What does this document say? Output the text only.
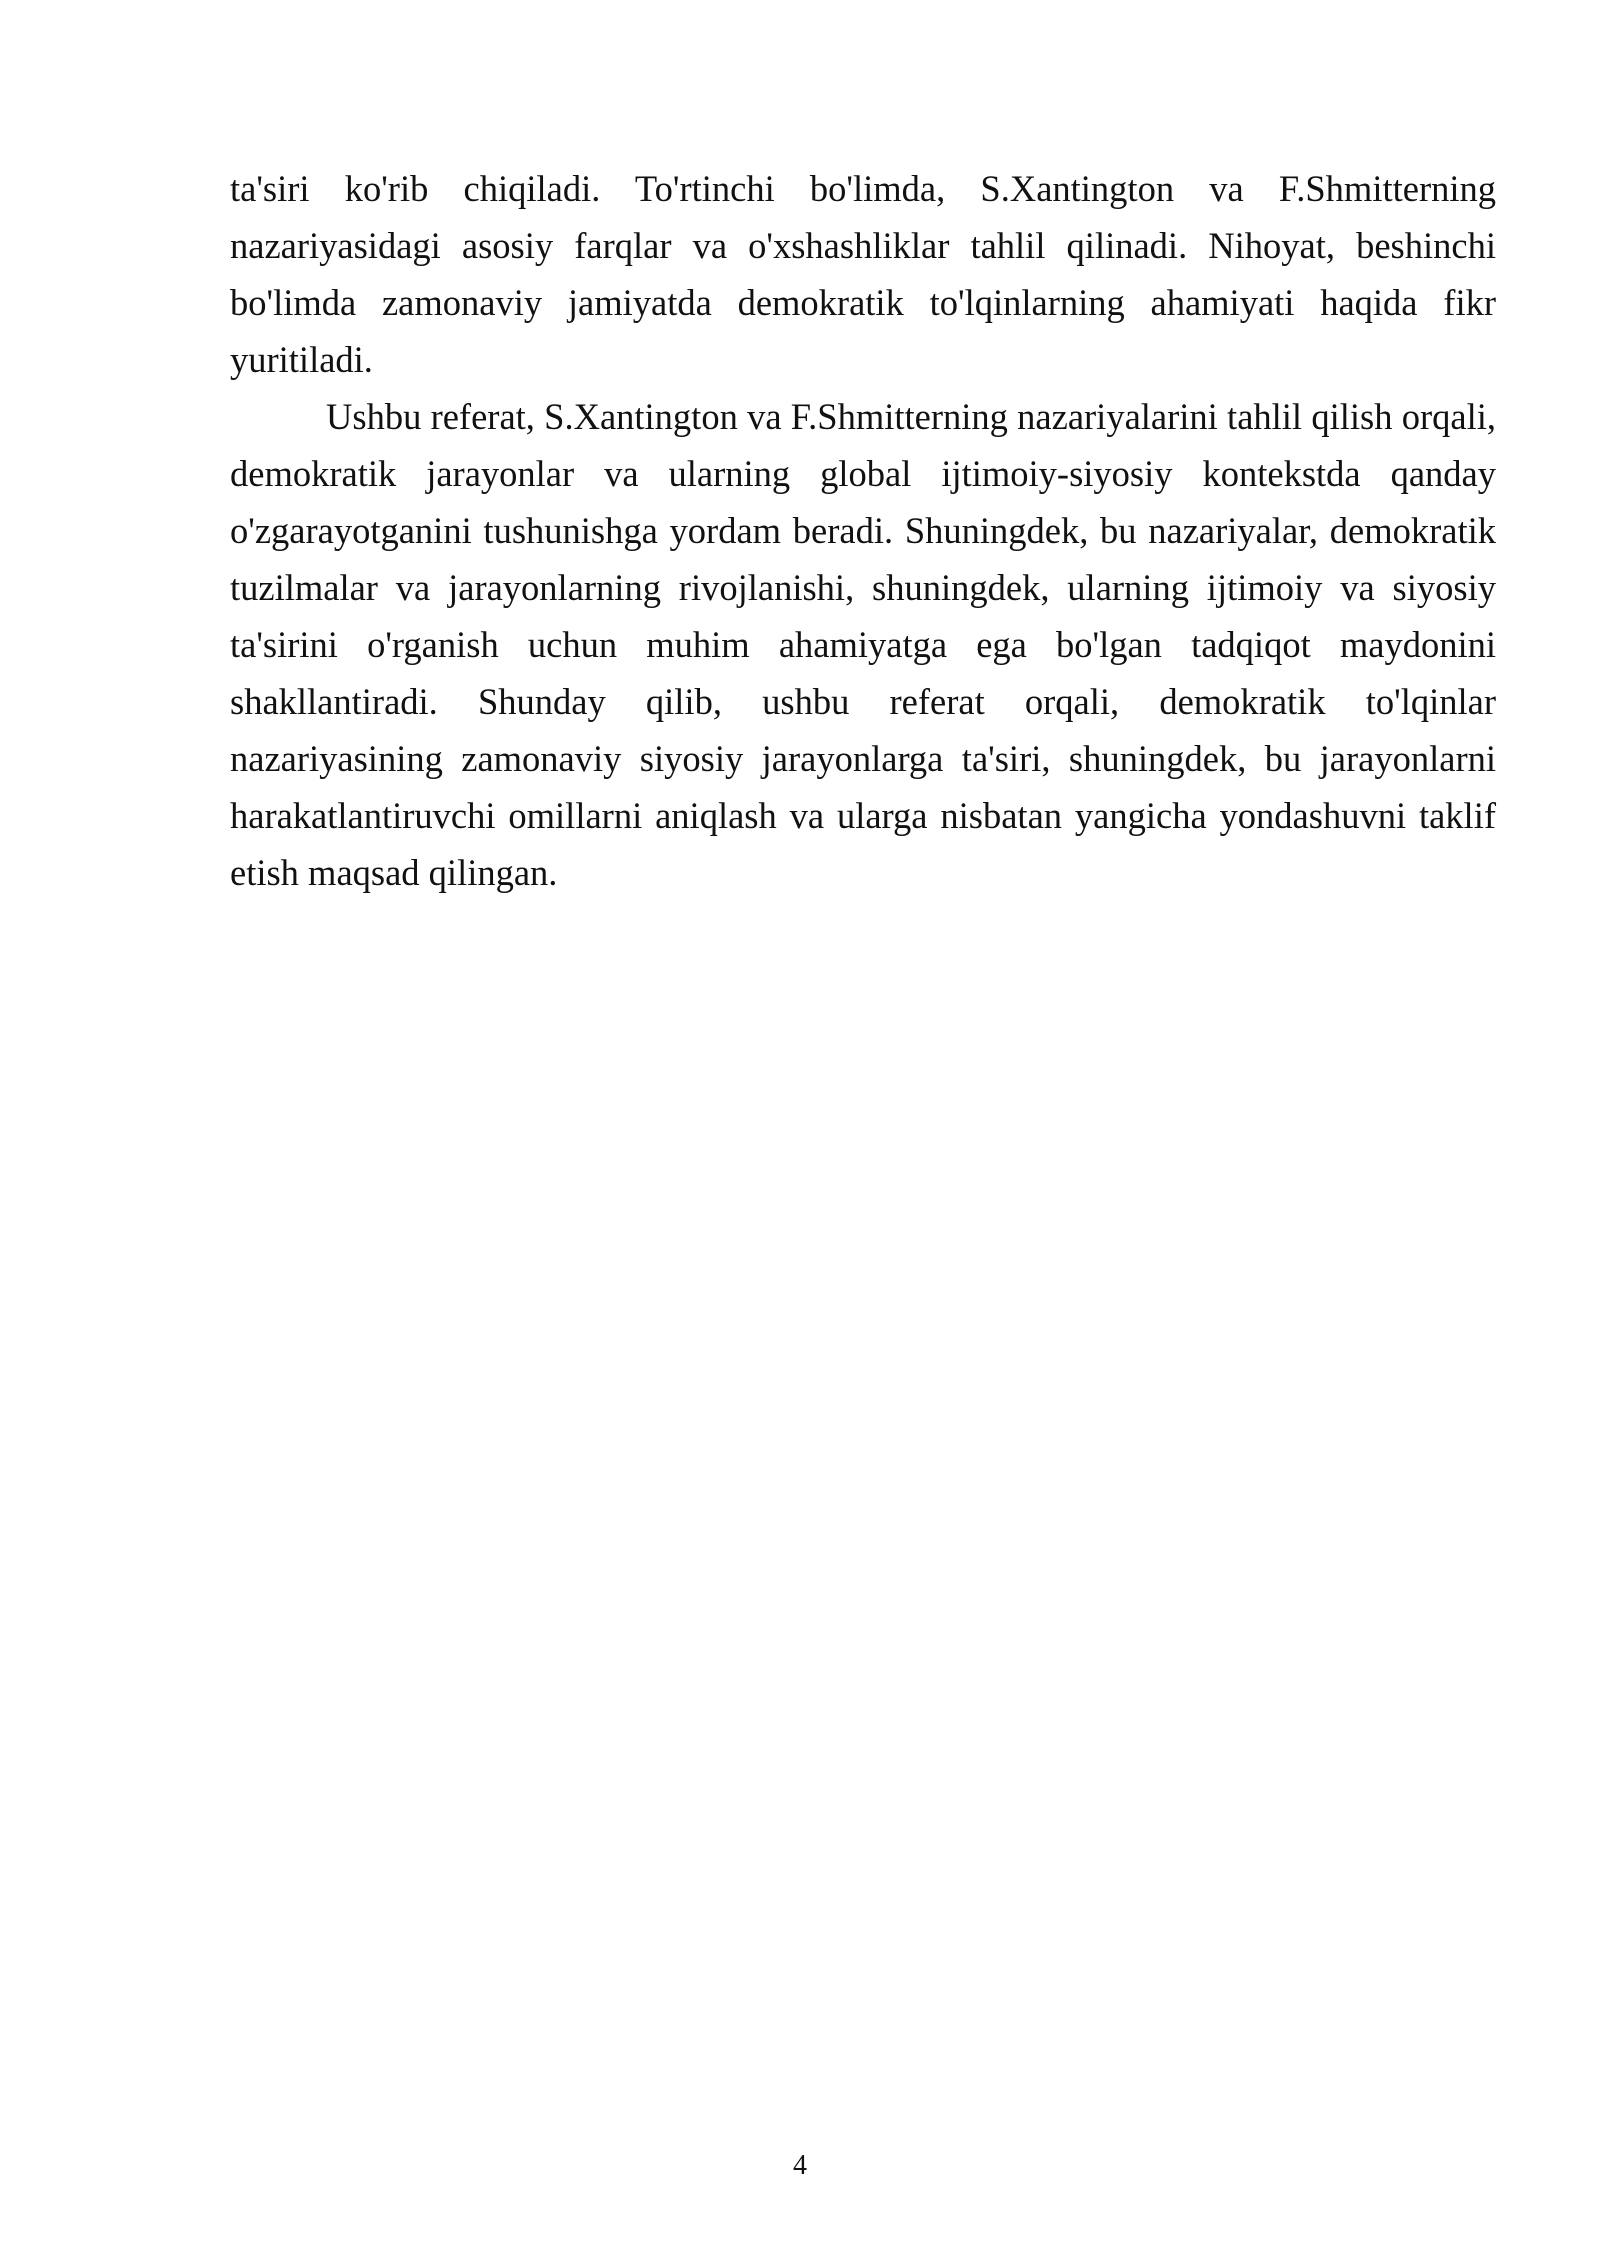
ta'siri ko'rib chiqiladi. To'rtinchi bo'limda, S.Xantington va F.Shmitterning nazariyasidagi asosiy farqlar va o'xshashliklar tahlil qilinadi. Nihoyat, beshinchi bo'limda zamonaviy jamiyatda demokratik to'lqinlarning ahamiyati haqida fikr yuritiladi.

Ushbu referat, S.Xantington va F.Shmitterning nazariyalarini tahlil qilish orqali, demokratik jarayonlar va ularning global ijtimoiy-siyosiy kontekstda qanday o'zgarayotganini tushunishga yordam beradi. Shuningdek, bu nazariyalar, demokratik tuzilmalar va jarayonlarning rivojlanishi, shuningdek, ularning ijtimoiy va siyosiy ta'sirini o'rganish uchun muhim ahamiyatga ega bo'lgan tadqiqot maydonini shakllantiradi. Shunday qilib, ushbu referat orqali, demokratik to'lqinlar nazariyasining zamonaviy siyosiy jarayonlarga ta'siri, shuningdek, bu jarayonlarni harakatlantiruvchi omillarni aniqlash va ularga nisbatan yangicha yondashuvni taklif etish maqsad qilingan.

4
